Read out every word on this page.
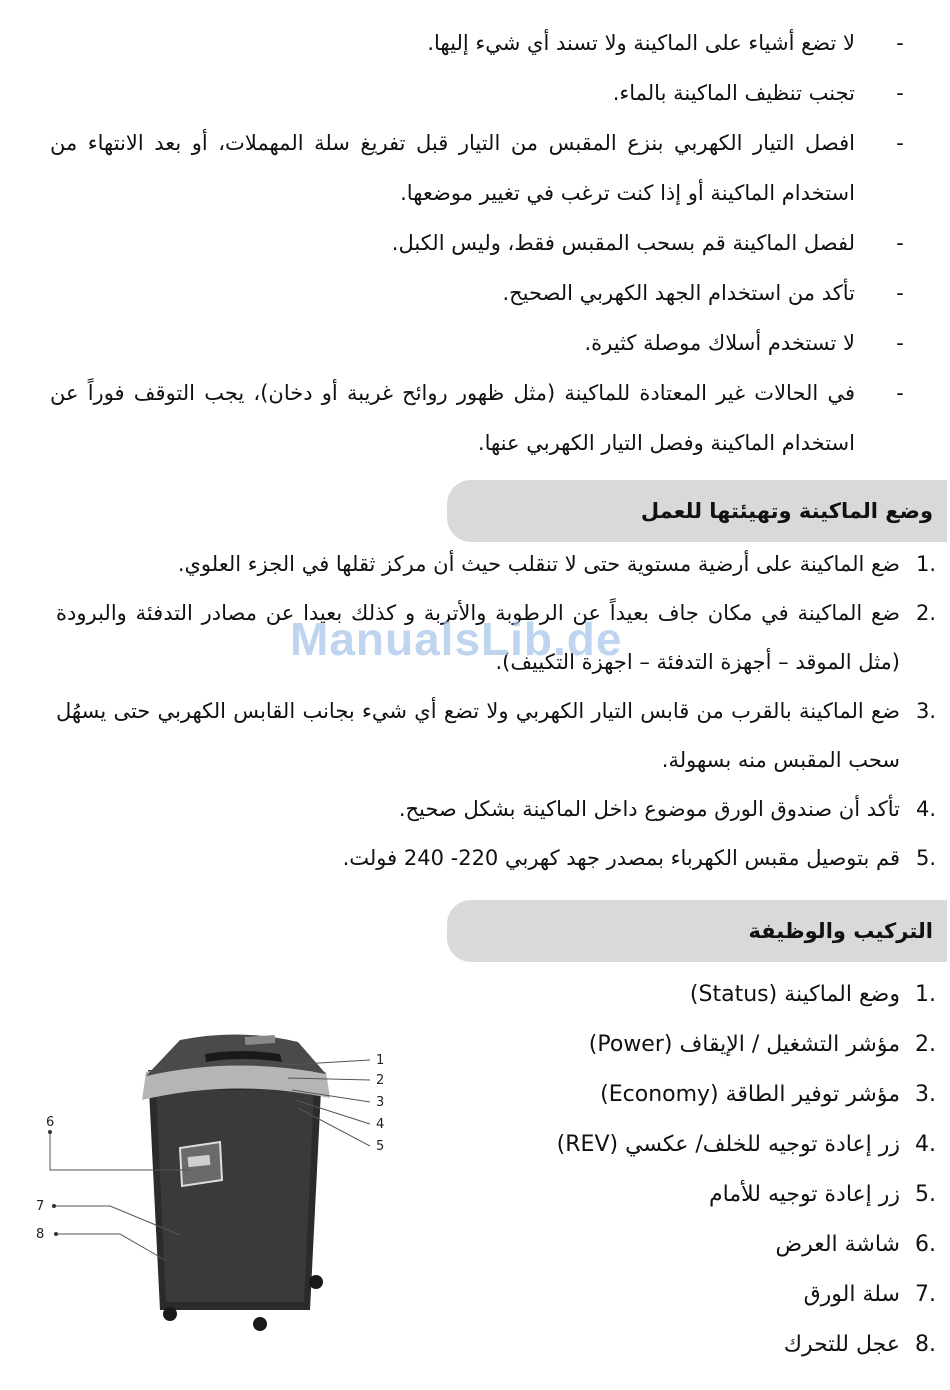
-
لا تضع أشياء على الماكينة ولا تسند أي شيء إليها.
-
تجنب تنظيف الماكينة بالماء.
-
افصل التيار الكهربي بنزع المقبس من التيار قبل تفريغ سلة المهملات، أو بعد الانتهاء من استخدام الماكينة أو إذا كنت ترغب في تغيير موضعها.
-
لفصل الماكينة قم بسحب المقبس فقط، وليس الكبل.
-
تأكد من استخدام الجهد الكهربي الصحيح.
-
لا تستخدم أسلاك موصلة كثيرة.
-
في الحالات غير المعتادة للماكينة (مثل ظهور روائح غريبة أو دخان)، يجب التوقف فوراً عن استخدام الماكينة وفصل التيار الكهربي عنها.
وضع الماكينة وتهيئتها للعمل
1.
ضع الماكينة على أرضية مستوية حتى لا تنقلب حيث أن مركز ثقلها في الجزء العلوي.
2.
ضع الماكينة في مكان جاف بعيداً عن الرطوبة والأتربة و كذلك بعيدا عن مصادر التدفئة والبرودة (مثل الموقد – أجهزة التدفئة – اجهزة التكييف).
3.
ضع الماكينة بالقرب من قابس التيار الكهربي ولا تضع أي شيء بجانب القابس الكهربي حتى يسهُل سحب المقبس منه بسهولة.
4.
تأكد أن صندوق الورق موضوع داخل الماكينة بشكل صحيح.
5.
قم بتوصيل مقبس الكهرباء بمصدر جهد كهربي 220- 240 فولت.
ManualsLib.de
التركيب والوظيفة
1.
وضع الماكينة (Status)
2.
مؤشر التشغيل / الإيقاف (Power)
3.
مؤشر توفير الطاقة (Economy)
4.
زر إعادة توجيه للخلف/ عكسي (REV)
5.
زر إعادة توجيه للأمام
6.
شاشة العرض
7.
سلة الورق
8.
عجل للتحرك
1
2
3
4
5
6
7
8
